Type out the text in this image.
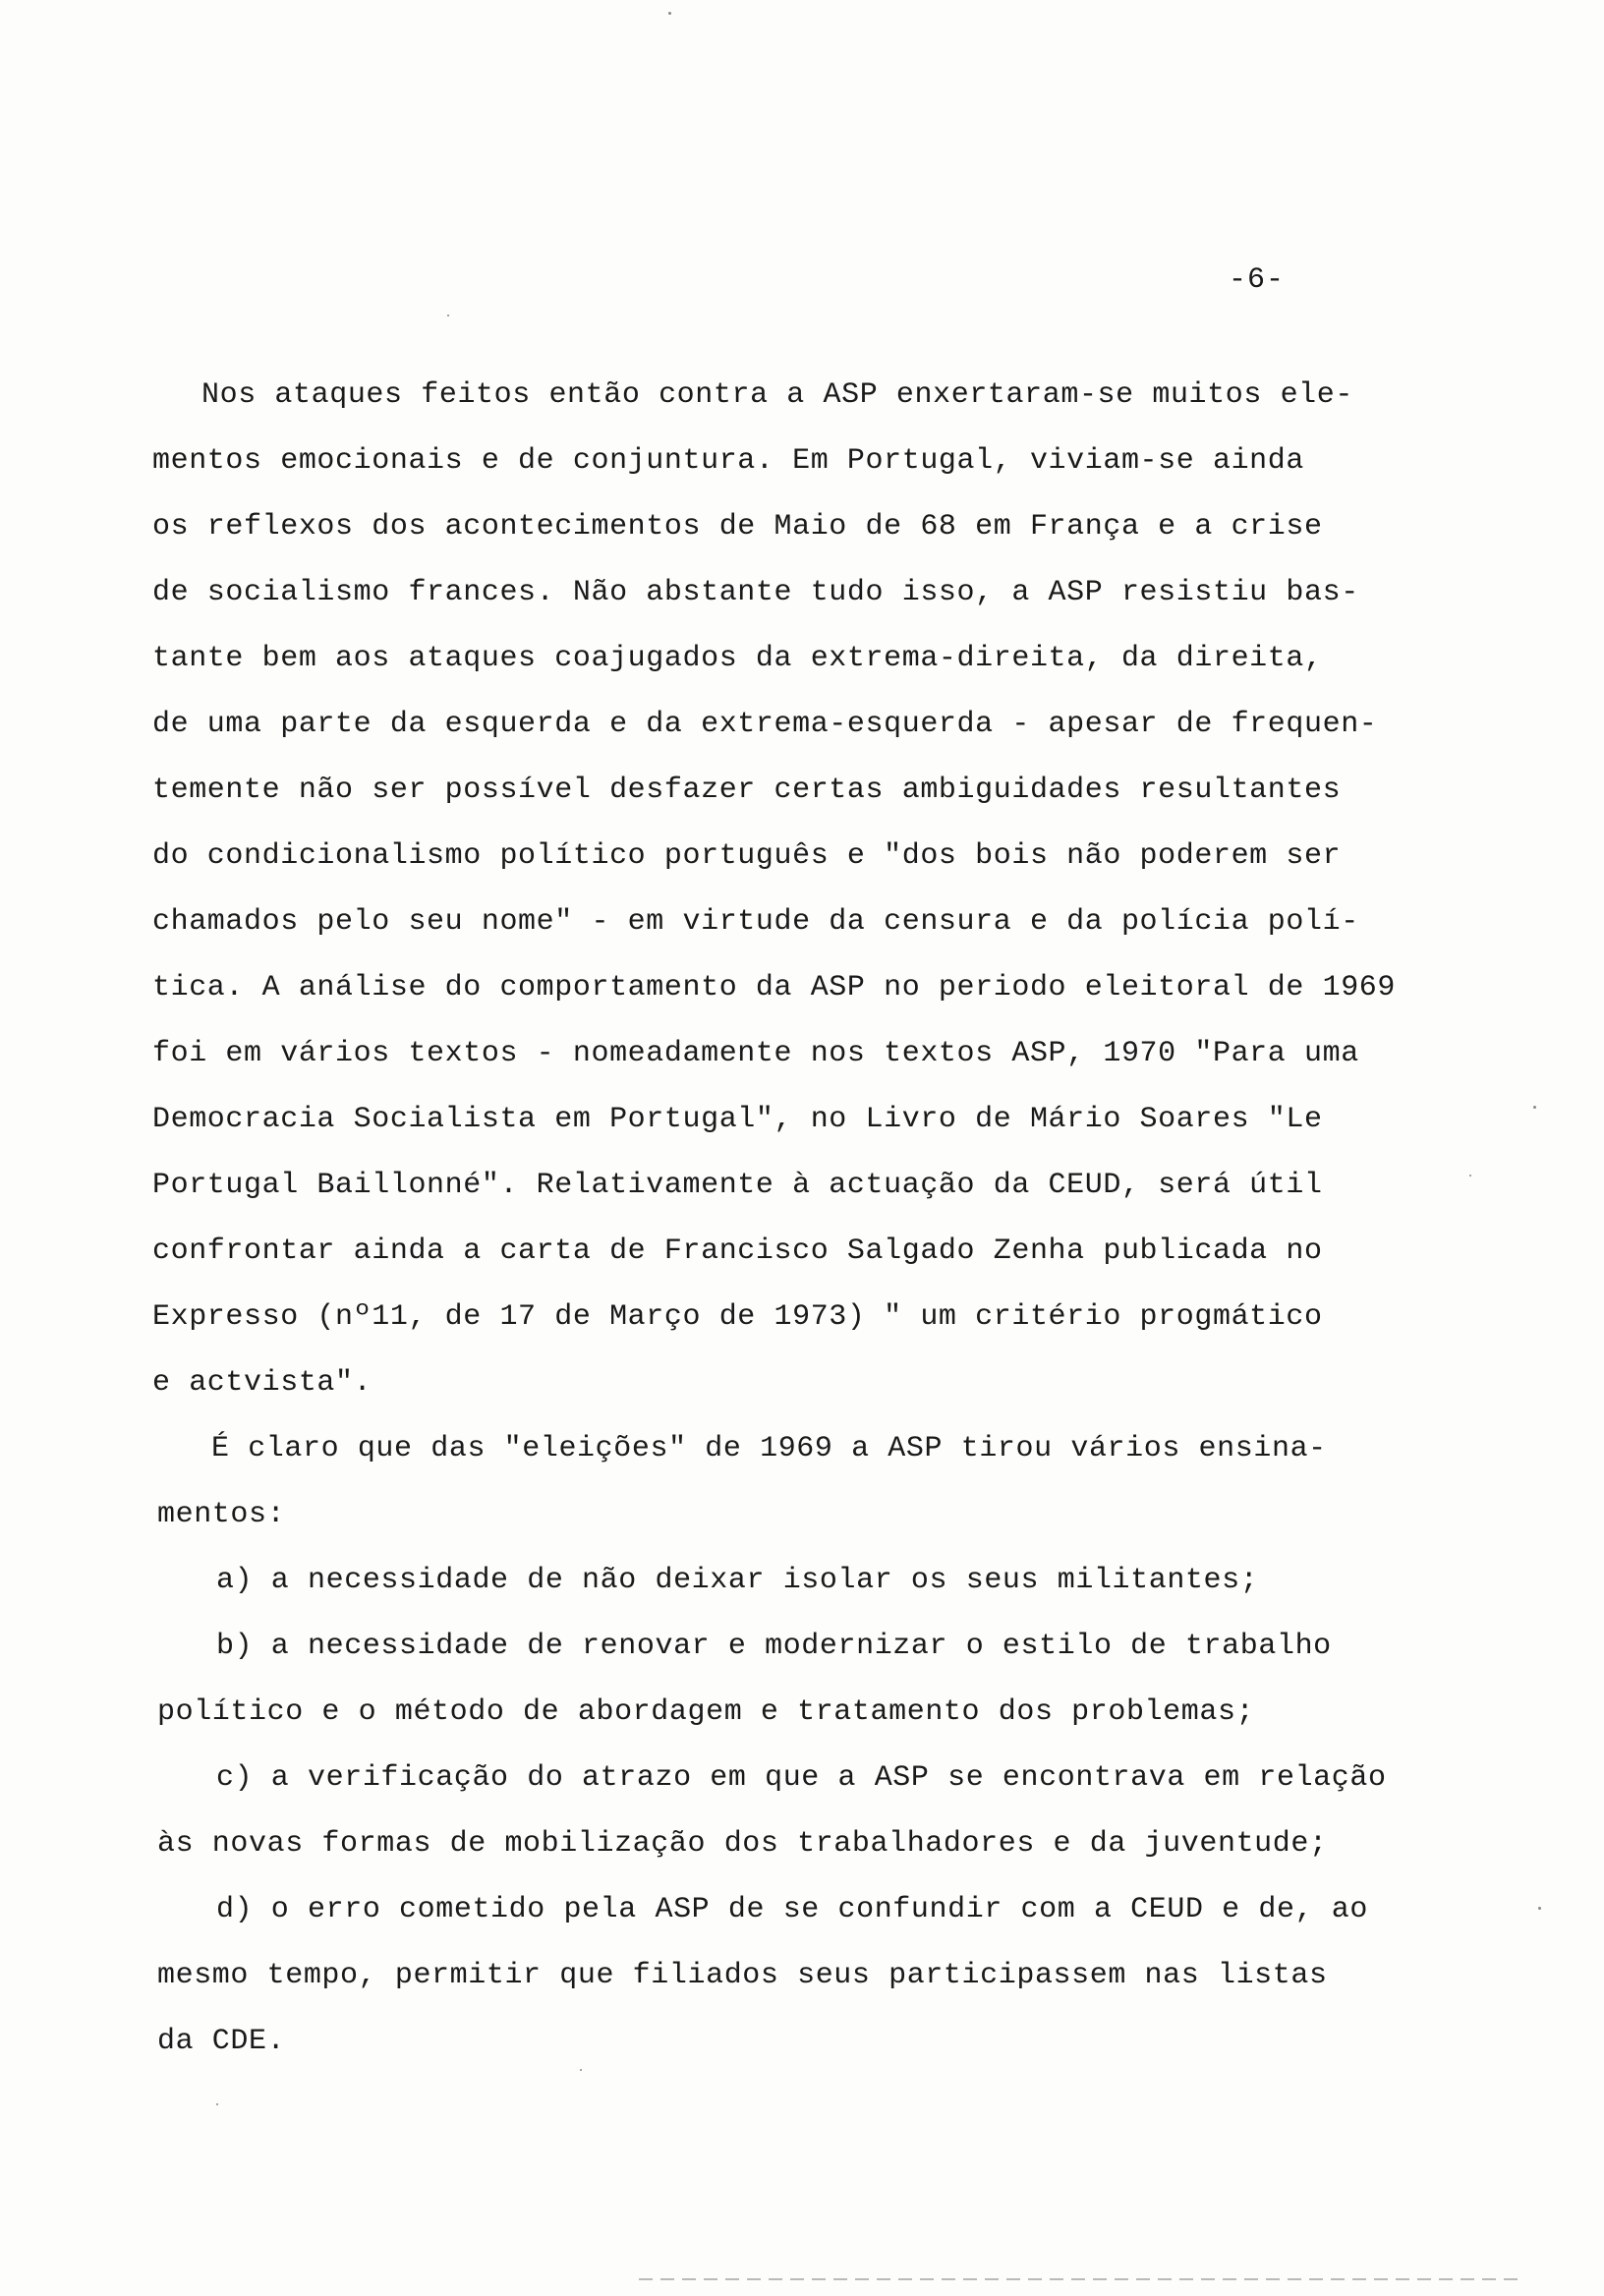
-6-
Nos ataques feitos então contra a ASP enxertaram-se muitos ele-
mentos emocionais e de conjuntura. Em Portugal, viviam-se ainda
os reflexos dos acontecimentos de Maio de 68 em França e a crise
de socialismo frances. Não abstante tudo isso, a ASP resistiu bas-
tante bem aos ataques coajugados da extrema-direita, da direita,
de uma parte da esquerda e da extrema-esquerda - apesar de frequen-
temente não ser possível desfazer certas ambiguidades resultantes
do condicionalismo político português e "dos bois não poderem ser
chamados pelo seu nome" - em virtude da censura e da polícia polí-
tica. A análise do comportamento da ASP no periodo eleitoral de 1969
foi em vários textos - nomeadamente nos textos ASP, 1970 "Para uma
Democracia Socialista em Portugal", no Livro de Mário Soares "Le
Portugal Baillonné". Relativamente à actuação da CEUD, será útil
confrontar ainda a carta de Francisco Salgado Zenha publicada no
Expresso (nº11, de 17 de Março de 1973) " um critério progmático
e actvista".
É claro que das "eleições" de 1969 a ASP tirou vários ensina-
mentos:
a) a necessidade de não deixar isolar os seus militantes;
b) a necessidade de renovar e modernizar o estilo de trabalho
político e o método de abordagem e tratamento dos problemas;
c) a verificação do atrazo em que a ASP se encontrava em relação
às novas formas de mobilização dos trabalhadores e da juventude;
d) o erro cometido pela ASP de se confundir com a CEUD e de, ao
mesmo tempo, permitir que filiados seus participassem nas listas
da CDE.
